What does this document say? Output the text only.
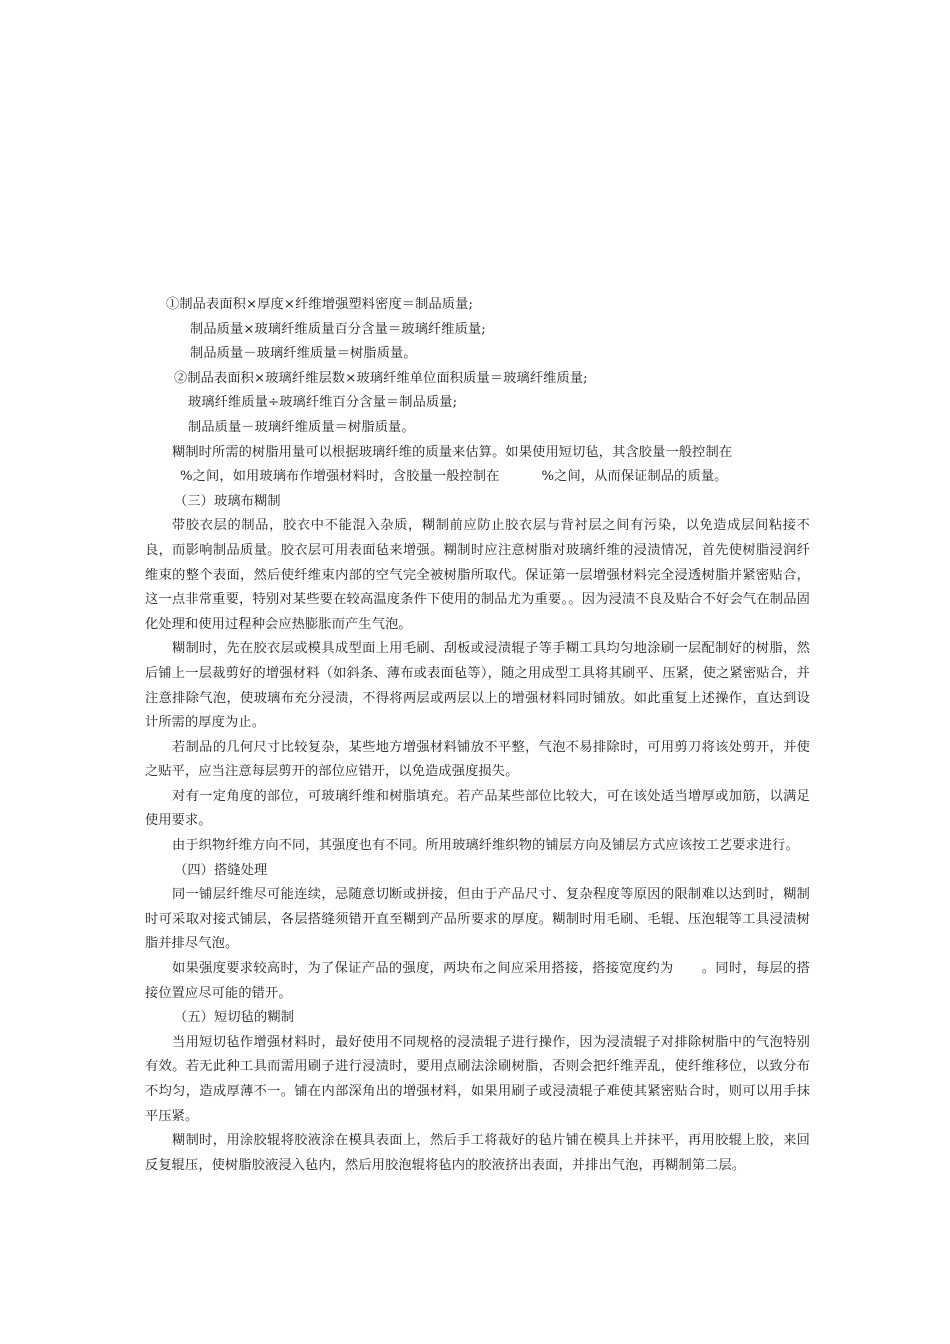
①制品表面积×厚度×纤维增强塑料密度＝制品质量;

制品质量×玻璃纤维质量百分含量＝玻璃纤维质量;

制品质量－玻璃纤维质量＝树脂质量。

②制品表面积×玻璃纤维层数×玻璃纤维单位面积质量＝玻璃纤维质量;

玻璃纤维质量÷玻璃纤维百分含量＝制品质量;

制品质量－玻璃纤维质量＝树脂质量。

糊制时所需的树脂用量可以根据玻璃纤维的质量来估算。如果使用短切毡，其含胶量一般控制在

%之间，如用玻璃布作增强材料时，含胶量一般控制在	%之间，从而保证制品的质量。

（三）玻璃布糊制

带胶衣层的制品，胶衣中不能混入杂质，糊制前应防止胶衣层与背衬层之间有污染，以免造成层间粘接不良，而影响制品质量。胶衣层可用表面毡来增强。糊制时应注意树脂对玻璃纤维的浸渍情况，首先使树脂浸润纤维束的整个表面，然后使纤维束内部的空气完全被树脂所取代。保证第一层增强材料完全浸透树脂并紧密贴合，这一点非常重要，特别对某些要在较高温度条件下使用的制品尤为重要。。因为浸渍不良及贴合不好会气在制品固化处理和使用过程种会应热膨胀而产生气泡。

糊制时，先在胶衣层或模具成型面上用毛刷、刮板或浸渍辊子等手糊工具均匀地涂刷一层配制好的树脂，然后铺上一层裁剪好的增强材料（如斜条、薄布或表面毡等），随之用成型工具将其刷平、压紧，使之紧密贴合，并注意排除气泡，使玻璃布充分浸渍，不得将两层或两层以上的增强材料同时铺放。如此重复上述操作，直达到设计所需的厚度为止。

若制品的几何尺寸比较复杂，某些地方增强材料铺放不平整，气泡不易排除时，可用剪刀将该处剪开，并使之贴平，应当注意每层剪开的部位应错开，以免造成强度损失。

对有一定角度的部位，可玻璃纤维和树脂填充。若产品某些部位比较大，可在该处适当增厚或加筋，以满足使用要求。

由于织物纤维方向不同，其强度也有不同。所用玻璃纤维织物的铺层方向及铺层方式应该按工艺要求进行。

（四）搭缝处理

同一铺层纤维尽可能连续，忌随意切断或拼接，但由于产品尺寸、复杂程度等原因的限制难以达到时，糊制时可采取对接式铺层，各层搭缝须错开直至糊到产品所要求的厚度。糊制时用毛刷、毛辊、压泡辊等工具浸渍树脂并排尽气泡。

如果强度要求较高时，为了保证产品的强度，两块布之间应采用搭接，搭接宽度约为 。同时，每层的搭接位置应尽可能的错开。

（五）短切毡的糊制

当用短切毡作增强材料时，最好使用不同规格的浸渍辊子进行操作，因为浸渍辊子对排除树脂中的气泡特别有效。若无此种工具而需用刷子进行浸渍时，要用点刷法涂刷树脂，否则会把纤维弄乱，使纤维移位，以致分布不均匀，造成厚薄不一。铺在内部深角出的增强材料，如果用刷子或浸渍辊子难使其紧密贴合时，则可以用手抹平压紧。

糊制时，用涂胶辊将胶液涂在模具表面上，然后手工将裁好的毡片铺在模具上并抹平，再用胶辊上胶，来回反复辊压，使树脂胶液浸入毡内，然后用胶泡辊将毡内的胶液挤出表面，并排出气泡，再糊制第二层。
